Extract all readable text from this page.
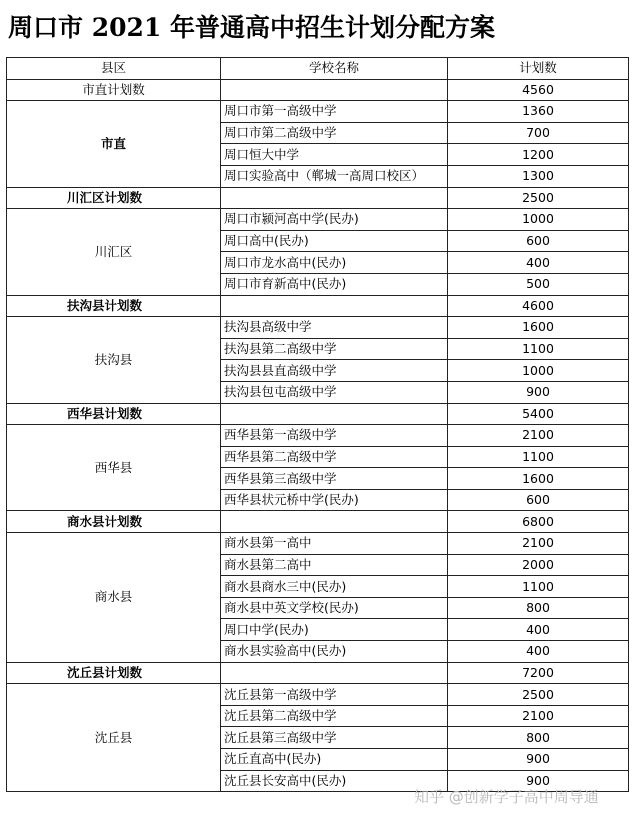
周口市 2021 年普通高中招生计划分配方案
县区	学校名称	计划数
市直计划数		4560
市直	周口市第一高级中学	1360
	周口市第二高级中学	700
	周口恒大中学	1200
	周口实验高中（郸城一高周口校区）	1300
川汇区计划数		2500
川汇区	周口市颍河高中学(民办)	1000
	周口高中(民办)	600
	周口市龙水高中(民办)	400
	周口市育新高中(民办)	500
扶沟县计划数		4600
扶沟县	扶沟县高级中学	1600
	扶沟县第二高级中学	1100
	扶沟县县直高级中学	1000
	扶沟县包屯高级中学	900
西华县计划数		5400
西华县	西华县第一高级中学	2100
	西华县第二高级中学	1100
	西华县第三高级中学	1600
	西华县状元桥中学(民办)	600
商水县计划数		6800
商水县	商水县第一高中	2100
	商水县第二高中	2000
	商水县商水三中(民办)	1100
	商水县中英文学校(民办)	800
	周口中学(民办)	400
	商水县实验高中(民办)	400
沈丘县计划数		7200
沈丘县	沈丘县第一高级中学	2500
	沈丘县第二高级中学	2100
	沈丘县第三高级中学	800
	沈丘直高中(民办)	900
	沈丘县长安高中(民办)	900
知乎 @创新学子高中周导通
